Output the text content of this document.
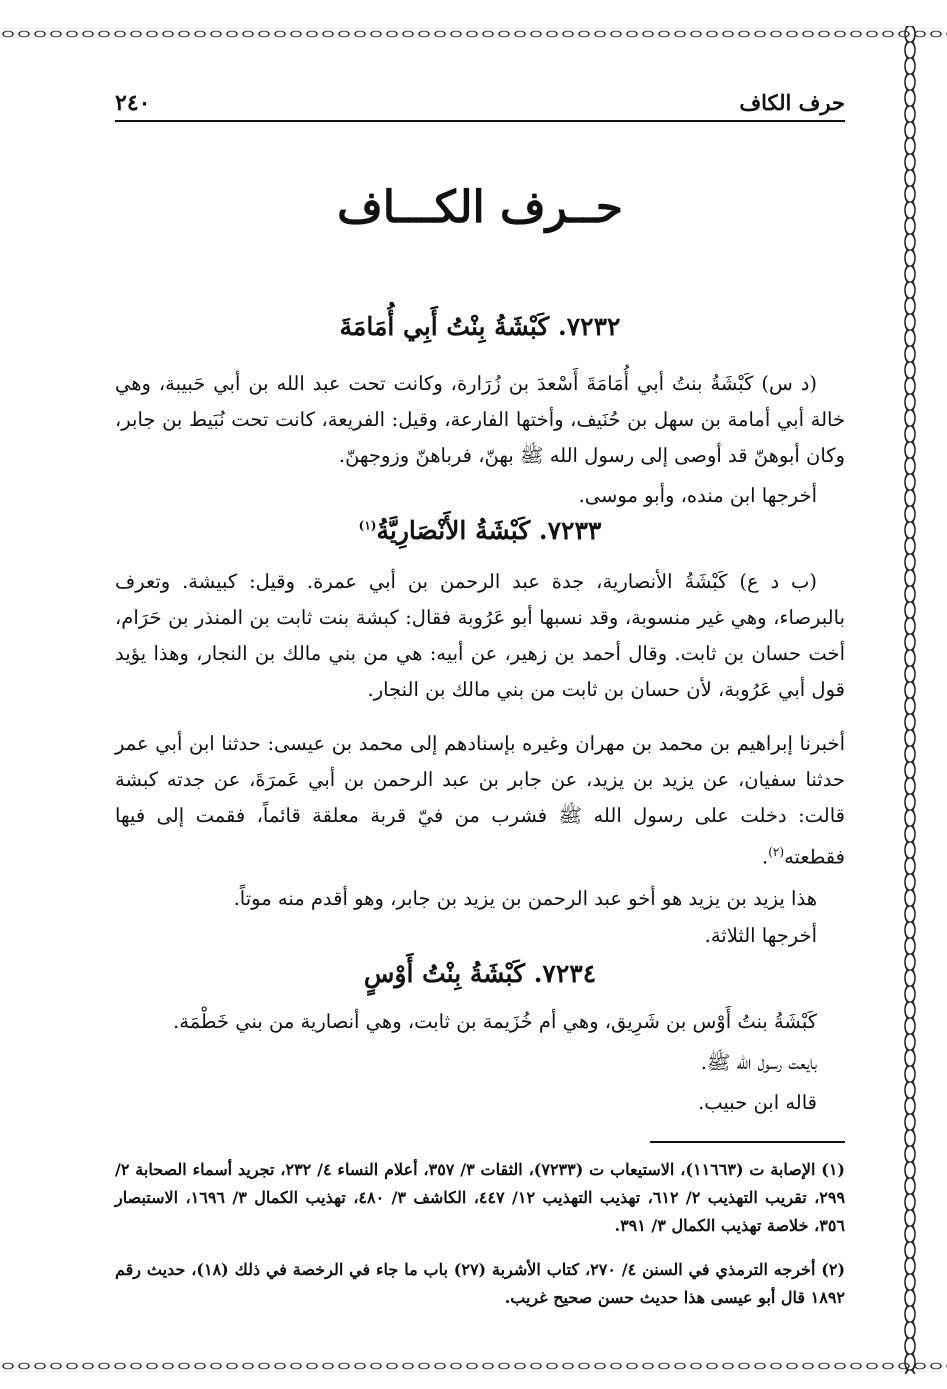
حرف الكاف
٢٤٠
حــرف الكـــاف
٧٢٣٢. كَبْشَةُ بِنْتُ أَبِي أُمَامَةَ
(د س) كَبْشَةُ بنتُ أبي أُمَامَةَ أَسْعدَ بن زُرَارة، وكانت تحت عبد الله بن أبي حَبيبة، وهي خالة أبي أمامة بن سهل بن حُنَيف، وأختها الفارعة، وقيل: الفريعة، كانت تحت نُبَيط بن جابر، وكان أبوهنّ قد أوصى إلى رسول الله ﷺ بهنّ، فرباهنّ وزوجهنّ.
أخرجها ابن منده، وأبو موسى.
٧٢٣٣. كَبْشَةُ الأَنْصَارِيَّةُ$^{(١)}$
(ب د ع) كَبْشَةُ الأنصارية، جدة عبد الرحمن بن أبي عمرة. وقيل: كبيشة. وتعرف بالبرصاء، وهي غير منسوبة، وقد نسبها أبو عَرُوبة فقال: كبشة بنت ثابت بن المنذر بن حَرَام، أخت حسان بن ثابت. وقال أحمد بن زهير، عن أبيه: هي من بني مالك بن النجار، وهذا يؤيد قول أبي عَرُوبة، لأن حسان بن ثابت من بني مالك بن النجار.
أخبرنا إبراهيم بن محمد بن مهران وغيره بإسنادهم إلى محمد بن عيسى: حدثنا ابن أبي عمر حدثنا سفيان، عن يزيد بن يزيد، عن جابر بن عبد الرحمن بن أبي عَمرَةَ، عن جدته كبشة قالت: دخلت على رسول الله ﷺ فشرب من فيّ قربة معلقة قائماً، فقمت إلى فيها فقطعته$^{(٢)}$.
هذا يزيد بن يزيد هو أخو عبد الرحمن بن يزيد بن جابر، وهو أقدم منه موتاً.
أخرجها الثلاثة.
٧٢٣٤. كَبْشَةُ بِنْتُ أَوْسٍ
كَبْشَةُ بنتُ أَوْس بن شَرِيق، وهي أم خُزَيمة بن ثابت، وهي أنصارية من بني خَطْمَة.
بايعت رسول الله ﷺ.
قاله ابن حبيب.
(١) الإصابة ت (١١٦٦٣)، الاستيعاب ت (٧٢٣٣)، الثقات ٣/ ٣٥٧، أعلام النساء ٤/ ٢٣٢، تجريد أسماء الصحابة ٢/ ٢٩٩، تقريب التهذيب ٢/ ٦١٢، تهذيب التهذيب ١٢/ ٤٤٧، الكاشف ٣/ ٤٨٠، تهذيب الكمال ٣/ ١٦٩٦، الاستبصار ٣٥٦، خلاصة تهذيب الكمال ٣/ ٣٩١.
(٢) أخرجه الترمذي في السنن ٤/ ٢٧٠، كتاب الأشربة (٢٧) باب ما جاء في الرخصة في ذلك (١٨)، حديث رقم ١٨٩٢ قال أبو عيسى هذا حديث حسن صحيح غريب.
